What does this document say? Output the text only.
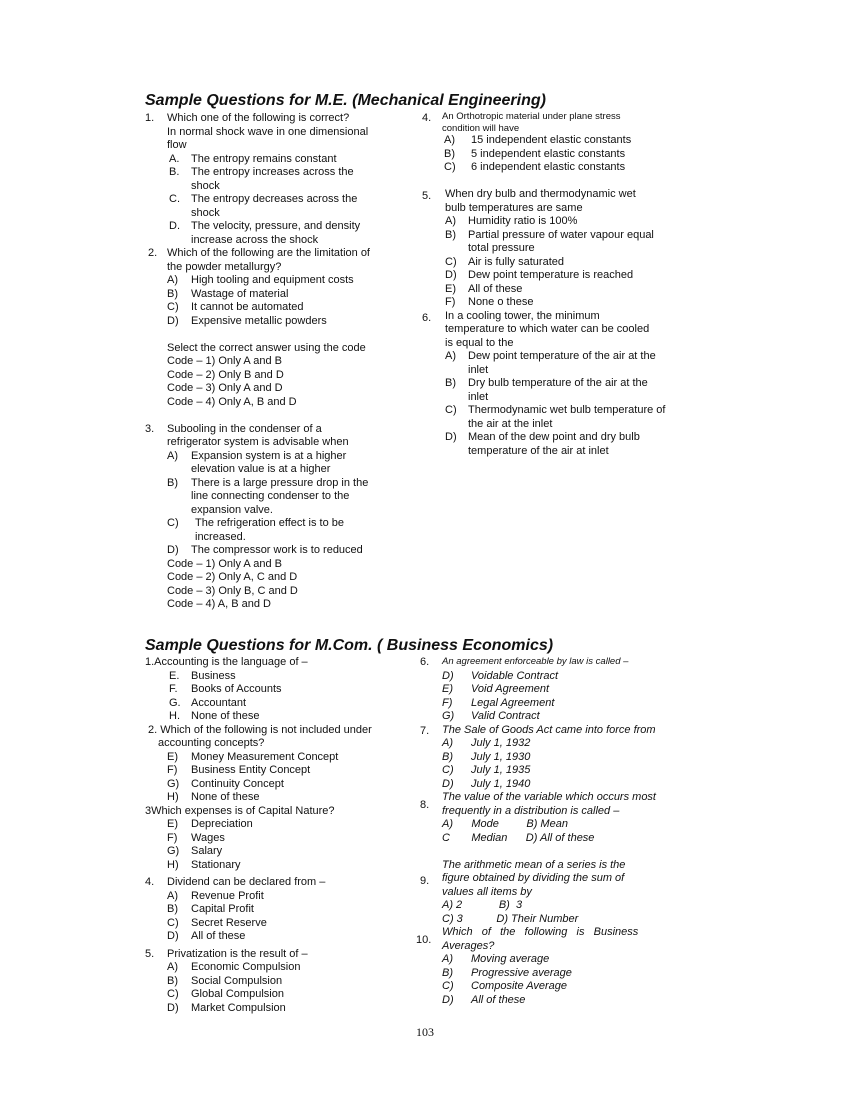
Sample Questions for M.E. (Mechanical Engineering)
1. Which one of the following is correct?
In normal shock wave in one dimensional
flow
A. The entropy remains constant
B. The entropy increases across the shock
C. The entropy decreases across the shock
D. The velocity, pressure, and density increase across the shock
2. Which of the following are the limitation of
the powder metallurgy?
A) High tooling and equipment costs
B) Wastage of material
C) It cannot be automated
D) Expensive metallic powders
Select the correct answer using the code
Code – 1) Only A and B
Code – 2) Only B and D
Code – 3) Only A and D
Code – 4) Only A, B and D
3. Subooling in the condenser of a
refrigerator system is advisable when
A) Expansion system is at a higher elevation value is at a higher
B) There is a large pressure drop in the line connecting condenser to the expansion valve.
C) The refrigeration effect is to be increased.
D) The compressor work is to reduced
Code – 1) Only A and B
Code – 2) Only A, C and D
Code – 3) Only B, C and D
Code – 4) A, B and D
4. An Orthotropic material under plane stress
condition will have
A) 15 independent elastic constants
B) 5 independent elastic constants
C) 6 independent elastic constants
5. When dry bulb and thermodynamic wet
bulb temperatures are same
A) Humidity ratio is 100%
B) Partial pressure of water vapour equal total pressure
C) Air is fully saturated
D) Dew point temperature is reached
E) All of these
F) None o these
6. In a cooling tower, the minimum
temperature to which water can be cooled
is equal to the
A) Dew point temperature of the air at the inlet
B) Dry bulb temperature of the air at the inlet
C) Thermodynamic wet bulb temperature of the air at the inlet
D) Mean of the dew point and dry bulb temperature of the air at inlet
Sample Questions for M.Com. ( Business Economics)
1.Accounting is the language of –
E. Business
F. Books of Accounts
G. Accountant
H. None of these
2. Which of the following is not included under
accounting concepts?
E) Money Measurement Concept
F) Business Entity Concept
G) Continuity Concept
H) None of these
3Which expenses is of Capital Nature?
E) Depreciation
F) Wages
G) Salary
H) Stationary
4. Dividend can be declared from –
A) Revenue Profit
B) Capital Profit
C) Secret Reserve
D) All of these
5. Privatization is the result of –
A) Economic Compulsion
B) Social Compulsion
C) Global Compulsion
D) Market Compulsion
6. An agreement enforceable by law is called –
D) Voidable Contract
E) Void Agreement
F) Legal Agreement
G) Valid Contract
7. The Sale of Goods Act came into force from
A) July 1, 1932
B) July 1, 1930
C) July 1, 1935
D) July 1, 1940
8.
The value of the variable which occurs most
frequently in a distribution is called –
A)      Mode         B) Mean
C       Median      D) All of these
9.
The arithmetic mean of a series is the
figure obtained by dividing the sum of
values all items by
A) 2            B)  3
C) 3           D) Their Number
10.
Which   of   the   following   is   Business
Averages?
A) Moving average
B) Progressive average
C) Composite Average
D) All of these
103
